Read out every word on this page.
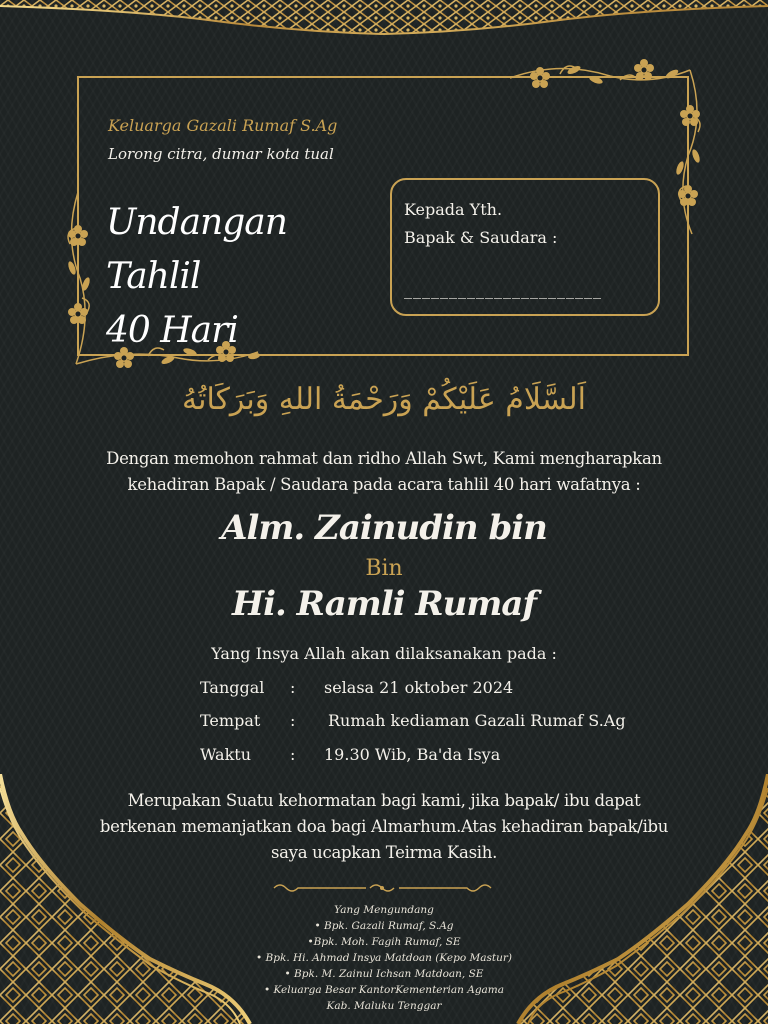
Keluarga Gazali Rumaf S.Ag
Lorong citra, dumar kota tual
Undangan Tahlil
40 Hari
Kepada Yth.
Bapak & Saudara :
______________________
اَلسَّلَامُ عَلَيْكُمْ وَرَحْمَةُ اللهِ وَبَرَكَاتُهُ
Dengan memohon rahmat dan ridho Allah Swt, Kami mengharapkan kehadiran Bapak / Saudara pada acara tahlil 40 hari wafatnya :
Alm. Zainudin bin
Bin
Hi. Ramli Rumaf
Yang Insya Allah akan dilaksanakan pada :
Tanggal : selasa 21 oktober 2024
Tempat : Rumah kediaman Gazali Rumaf S.Ag
Waktu : 19.30 Wib, Ba'da Isya
Merupakan Suatu kehormatan bagi kami, jika bapak/ ibu dapat berkenan memanjatkan doa bagi Almarhum.Atas kehadiran bapak/ibu saya ucapkan Teirma Kasih.
Yang Mengundang
• Bpk. Gazali Rumaf, S.Ag
•Bpk. Moh. Fagih Rumaf, SE
• Bpk. Hi. Ahmad Insya Matdoan (Kepo Mastur)
• Bpk. M. Zainul Ichsan Matdoan, SE
• Keluarga Besar KantorKementerian Agama
Kab. Maluku Tenggar
